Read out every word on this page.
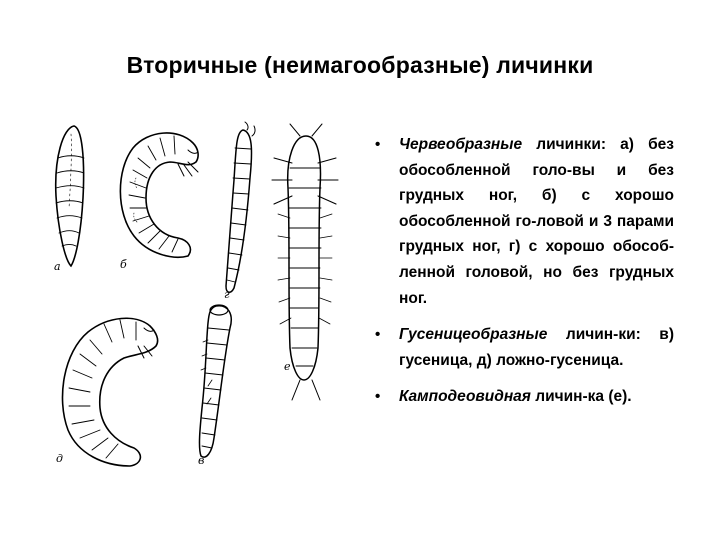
Вторичные (неимагообразные) личинки
а	б
в
г
д
е
• Червеобразные личинки: а) без обособленной голо-вы и без грудных ног, б) с хорошо обособленной го-ловой и 3 парами грудных ног, г) с хорошо обособ-ленной головой, но без грудных ног.
• Гусеницеобразные личин-ки: в) гусеница, д) ложно-гусеница.
• Камподеовидная личин-ка (е).
